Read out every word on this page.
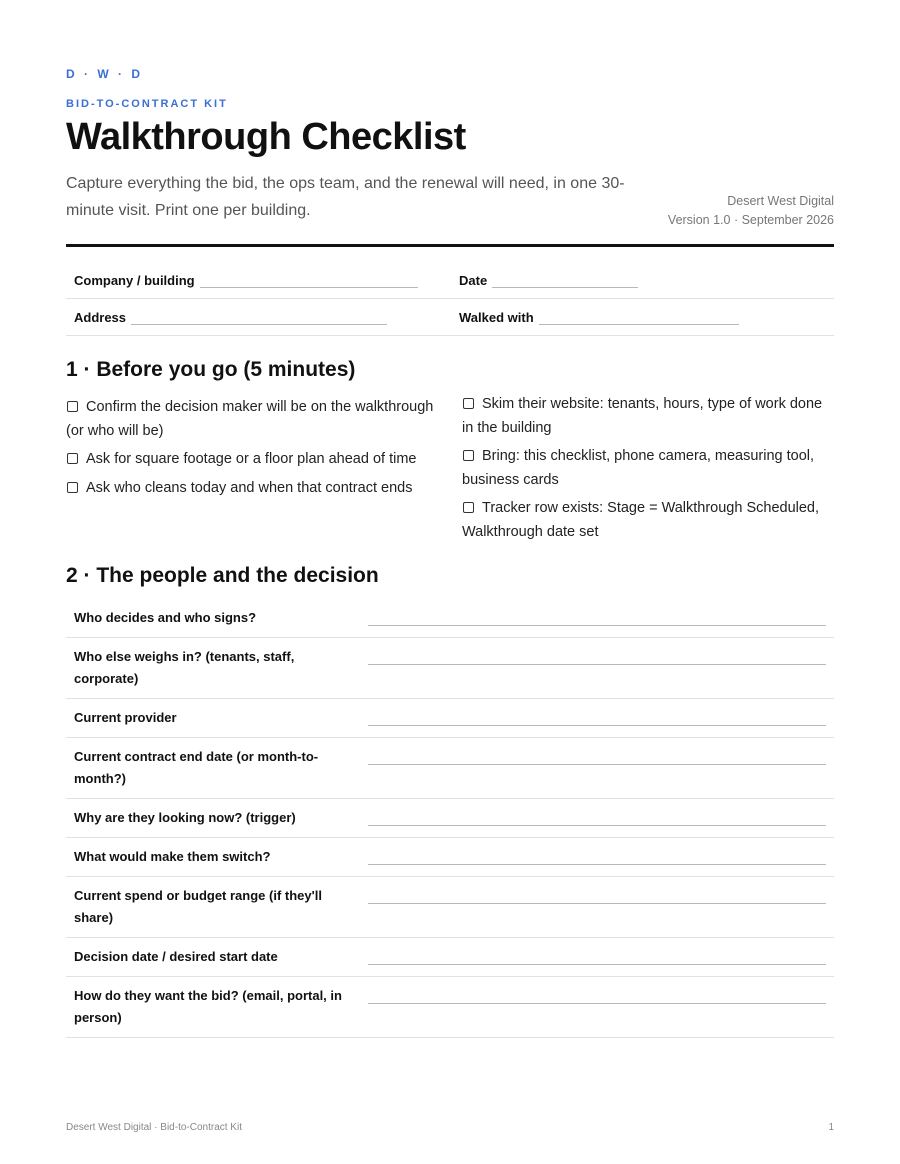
D · W · D
BID-TO-CONTRACT KIT
Walkthrough Checklist

Capture everything the bid, the ops team, and the renewal will need, in one 30-minute visit. Print one per building.

Desert West Digital
Version 1.0 · September 2026
Company / building	Date
Address	Walked with
1 · Before you go (5 minutes)

Confirm the decision maker will be on the walkthrough (or who will be)

Ask for square footage or a floor plan ahead of time

Ask who cleans today and when that contract ends

Skim their website: tenants, hours, type of work done in the building

Bring: this checklist, phone camera, measuring tool, business cards

Tracker row exists: Stage = Walkthrough Scheduled, Walkthrough date set

2 · The people and the decision
Who decides and who signs?
Who else weighs in? (tenants, staff, corporate)
Current provider
Current contract end date (or month-to-month?)
Why are they looking now? (trigger)
What would make them switch?
Current spend or budget range (if they'll share)
Decision date / desired start date
How do they want the bid? (email, portal, in person)
Desert West Digital · Bid-to-Contract Kit	1
